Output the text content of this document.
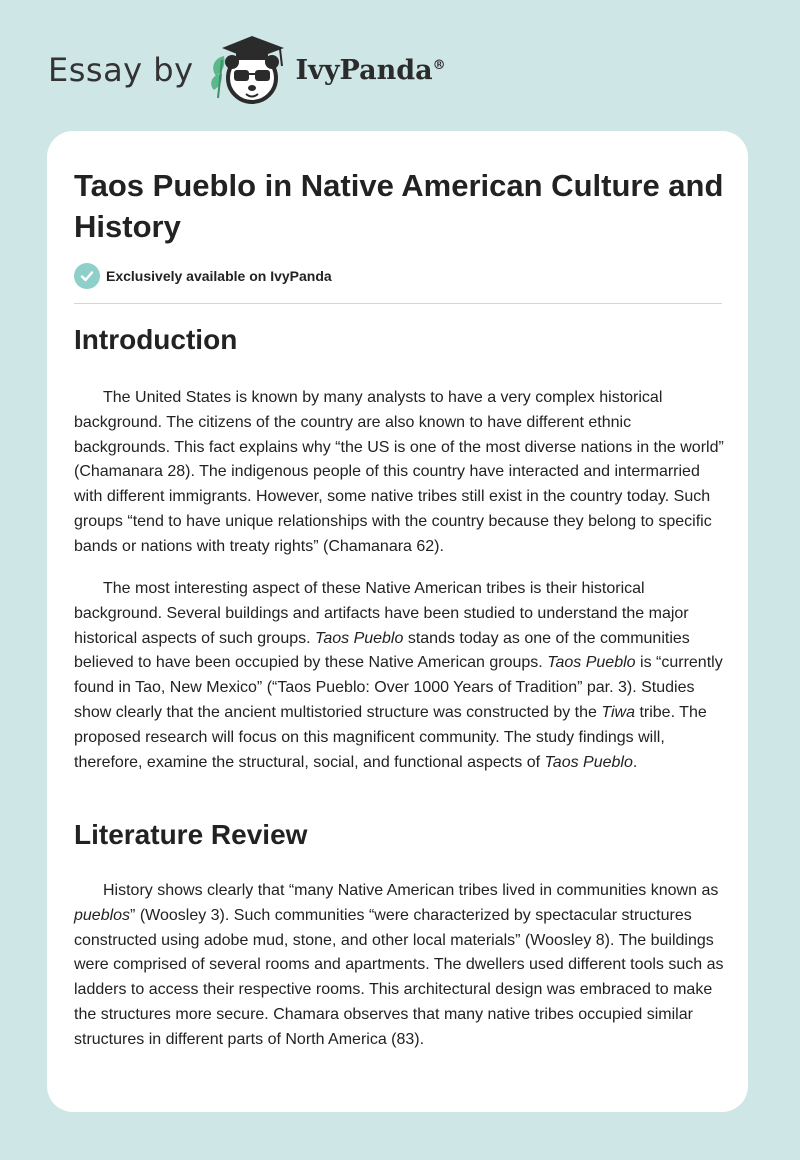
Essay by	IvyPanda®
Taos Pueblo in Native American Culture and History
Exclusively available on IvyPanda
Introduction

The United States is known by many analysts to have a very complex historical background. The citizens of the country are also known to have different ethnic backgrounds. This fact explains why “the US is one of the most diverse nations in the world” (Chamanara 28). The indigenous people of this country have interacted and intermarried with different immigrants. However, some native tribes still exist in the country today. Such groups “tend to have unique relationships with the country because they belong to specific bands or nations with treaty rights” (Chamanara 62).

The most interesting aspect of these Native American tribes is their historical background. Several buildings and artifacts have been studied to understand the major historical aspects of such groups. Taos Pueblo stands today as one of the communities believed to have been occupied by these Native American groups. Taos Pueblo is “currently found in Tao, New Mexico” (“Taos Pueblo: Over 1000 Years of Tradition” par. 3). Studies show clearly that the ancient multistoried structure was constructed by the Tiwa tribe. The proposed research will focus on this magnificent community. The study findings will, therefore, examine the structural, social, and functional aspects of Taos Pueblo.

Literature Review

History shows clearly that “many Native American tribes lived in communities known as pueblos” (Woosley 3). Such communities “were characterized by spectacular structures constructed using adobe mud, stone, and other local materials” (Woosley 8). The buildings were comprised of several rooms and apartments. The dwellers used different tools such as ladders to access their respective rooms. This architectural design was embraced to make the structures more secure. Chamara observes that many native tribes occupied similar structures in different parts of North America (83).
